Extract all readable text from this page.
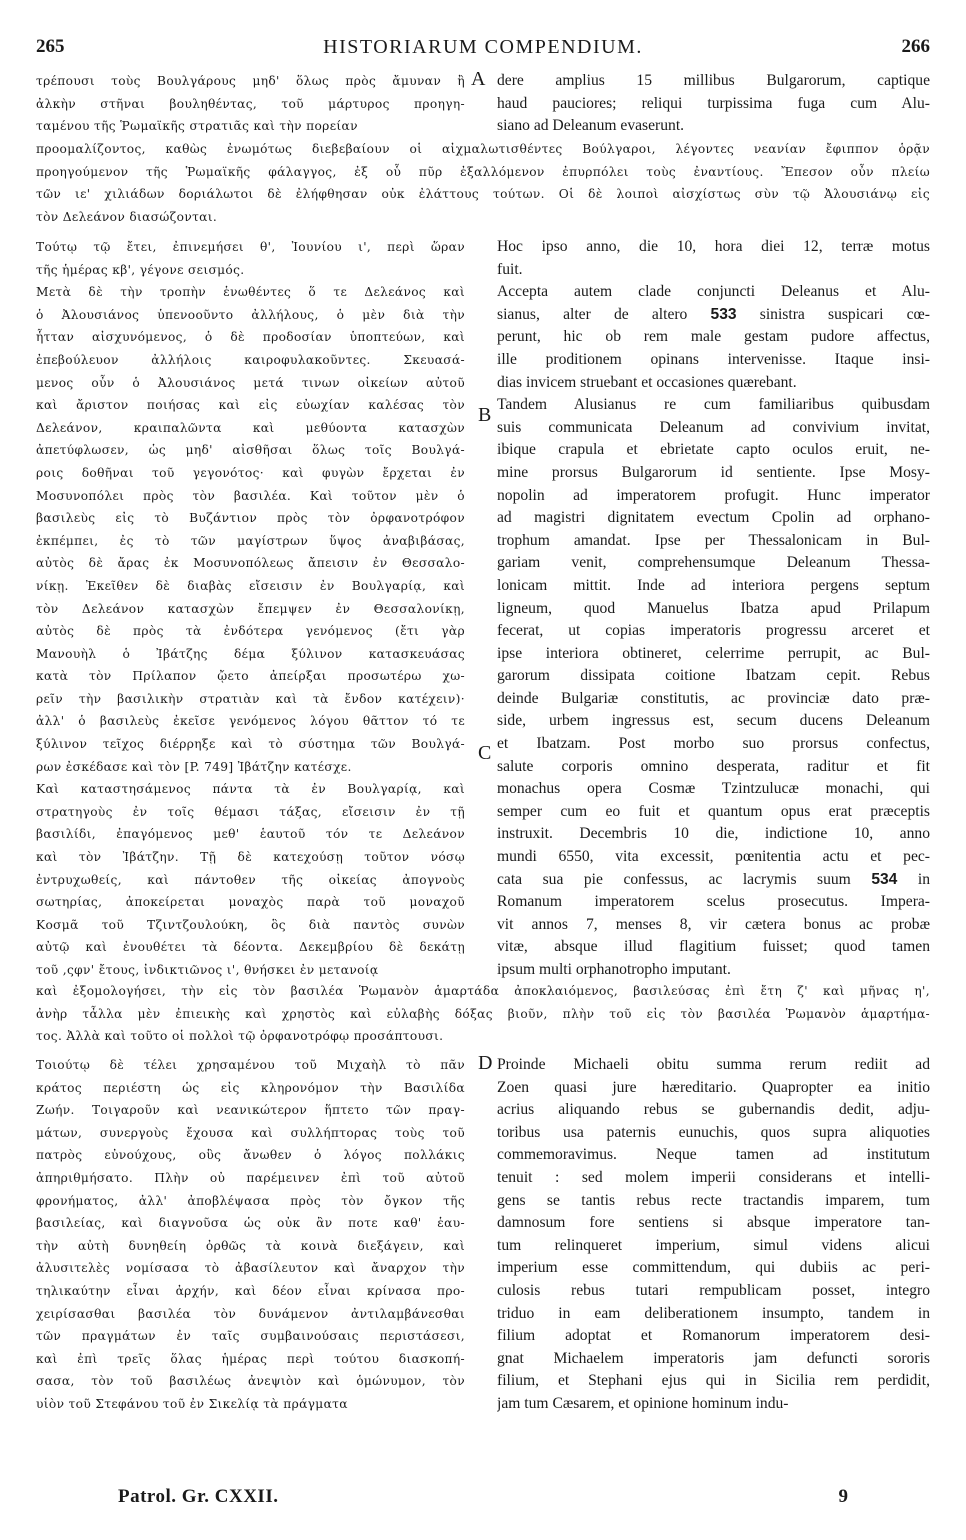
265	HISTORIARUM COMPENDIUM.	266
τρέπουσι τοὺς Βουλγάρους μηδ' ὅλως πρὸς ἄμυναν ἢ
ἀλκὴν στῆναι βουληθέντας, τοῦ μάρτυρος προηγη-
ταμένου τῆς Ῥωμαϊκῆς στρατιᾶς καὶ τὴν πορείαν
A dere amplius 15 millibus Bulgarorum, captique
haud pauciores; reliqui turpissima fuga cum Alu-
siano ad Deleanum evaserunt.
προομαλίζοντος, καθὼς ἐνωμότως διεβεβαίουν οἱ αἰχμαλωτισθέντες Βούλγαροι, λέγοντες νεανίαν ἔφιππον ὁρᾷν
προηγούμενον τῆς Ῥωμαϊκῆς φάλαγγος, ἐξ οὗ πῦρ ἐξαλλόμενον ἐπυρπόλει τοὺς ἐναντίους. Ἔπεσον οὖν πλείω
τῶν ιε' χιλιάδων δοριάλωτοι δὲ ἐλήφθησαν οὐκ ἐλάττους τούτων. Οἱ δὲ λοιποὶ αἰσχίστως σὺν τῷ Ἀλουσιάνῳ εἰς
τὸν Δελεάνον διασώζονται.
Τούτῳ τῷ ἔτει, ἐπινεμήσει θ', Ἰουνίου ι', περὶ ὥραν
τῆς ἡμέρας κβ', γέγονε σεισμός.
Μετὰ δὲ τὴν τροπὴν ἑνωθέντες ὅ τε Δελεάνος καὶ
ὁ Ἀλουσιάνος ὑπενοοῦντο ἀλλήλους, ὁ μὲν διὰ τὴν
ἧτταν αἰσχυνόμενος, ὁ δὲ προδοσίαν ὑποπτεύων, καὶ
ἐπεβούλευον ἀλλήλοις καιροφυλακοῦντες. Σκευασά-
μενος οὖν ὁ Ἀλουσιάνος μετά τινων οἰκείων αὐτοῦ
καὶ ἄριστον ποιήσας καὶ εἰς εὐωχίαν καλέσας τὸν
Δελεάνον, κραιπαλῶντα καὶ μεθύοντα κατασχὼν
ἀπετύφλωσεν, ὡς μηδ' αἰσθῆσαι ὅλως τοῖς Βουλγά-
ροις δοθῆναι τοῦ γεγονότος· καὶ φυγὼν ἔρχεται ἐν
Μοσυνοπόλει πρὸς τὸν βασιλέα. Καὶ τοῦτον μὲν ὁ
βασιλεὺς εἰς τὸ Βυζάντιον πρὸς τὸν ὀρφανοτρόφον
ἐκπέμπει, ἐς τὸ τῶν μαγίστρων ὕψος ἀναβιβάσας,
αὐτὸς δὲ ἄρας ἐκ Μοσυνοπόλεως ἄπεισιν ἐν Θεσσαλο-
νίκῃ. Ἐκεῖθεν δὲ διαβὰς εἴσεισιν ἐν Βουλγαρίᾳ, καὶ
τὸν Δελεάνον κατασχὼν ἔπεμψεν ἐν Θεσσαλονίκῃ,
αὐτὸς δὲ πρὸς τὰ ἐνδότερα γενόμενος (ἔτι γὰρ
Μανουὴλ ὁ Ἰβάτζης δέμα ξύλινον κατασκευάσας
κατὰ τὸν Πρίλαπον ᾤετο ἀπείρξαι προσωτέρω χω-
ρεῖν τὴν βασιλικὴν στρατιὰν καὶ τὰ ἔνδον κατέχειν)·
ἀλλ' ὁ βασιλεὺς ἐκεῖσε γενόμενος λόγου θᾶττον τό τε
ξύλινον τεῖχος διέρρηξε καὶ τὸ σύστημα τῶν Βουλγά-
ρων ἐσκέδασε καὶ τὸν [P. 749] Ἰβάτζην κατέσχε.
Καὶ καταστησάμενος πάντα τὰ ἐν Βουλγαρίᾳ, καὶ
στρατηγοὺς ἐν τοῖς θέμασι τάξας, εἴσεισιν ἐν τῇ
βασιλίδι, ἐπαγόμενος μεθ' ἑαυτοῦ τόν τε Δελεάνον
καὶ τὸν Ἰβάτζην. Τῇ δὲ κατεχούσῃ τοῦτον νόσῳ
ἐντρυχωθείς, καὶ πάντοθεν τῆς οἰκείας ἀπογνοὺς
σωτηρίας, ἀποκείρεται μοναχὸς παρὰ τοῦ μοναχοῦ
Κοσμᾶ τοῦ Τζιντζουλούκη, ὃς διὰ παντὸς συνὼν
αὐτῷ καὶ ἐνουθέτει τὰ δέοντα. Δεκεμβρίου δὲ δεκάτῃ
τοῦ ,ςφν' ἔτους, ἰνδικτιῶνος ι', θνήσκει ἐν μετανοίᾳ
B
C
Hoc ipso anno, die 10, hora diei 12, terræ motus
fuit.
Accepta autem clade conjuncti Deleanus et Alu-
sianus, alter de altero 533 sinistra suspicari cœ-
perunt, hic ob rem male gestam pudore affectus,
ille proditionem opinans intervenisse. Itaque insi-
dias invicem struebant et occasiones quærebant.
Tandem Alusianus re cum familiaribus quibusdam
suis communicata Deleanum ad convivium invitat,
ibique crapula et ebrietate capto oculos eruit, ne-
mine prorsus Bulgarorum id sentiente. Ipse Mosy-
nopolin ad imperatorem profugit. Hunc imperator
ad magistri dignitatem evectum Cpolin ad orphano-
trophum amandat. Ipse per Thessalonicam in Bul-
gariam venit, comprehensumque Deleanum Thessa-
lonicam mittit. Inde ad interiora pergens septum
ligneum, quod Manuelus Ibatza apud Prilapum
fecerat, ut copias imperatoris progressu arceret et
ipse interiora obtineret, celerrime perrupit, ac Bul-
garorum dissipata coitione Ibatzam cepit. Rebus
deinde Bulgariæ constitutis, ac provinciæ dato præ-
side, urbem ingressus est, secum ducens Deleanum
et Ibatzam. Post morbo suo prorsus confectus,
salute corporis omnino desperata, raditur et fit
monachus opera Cosmæ Tzintzulucæ monachi, qui
semper cum eo fuit et quantum opus erat præceptis
instruxit. Decembris 10 die, indictione 10, anno
mundi 6550, vita excessit, pœnitentia actu et pec-
cata sua pie confessus, ac lacrymis suum 534 in
Romanum imperatorem scelus prosecutus. Impera-
vit annos 7, menses 8, vir cætera bonus ac probæ
vitæ, absque illud flagitium fuisset; quod tamen
ipsum multi orphanotropho imputant.
καὶ ἐξομολογήσει, τὴν εἰς τὸν βασιλέα Ῥωμανὸν ἁμαρτάδα ἀποκλαιόμενος, βασιλεύσας ἐπὶ ἔτη ζ' καὶ μῆνας η',
ἀνὴρ τἆλλα μὲν ἐπιεικὴς καὶ χρηστὸς καὶ εὐλαβὴς δόξας βιοῦν, πλὴν τοῦ εἰς τὸν βασιλέα Ῥωμανὸν ἁμαρτήμα-
τος. Ἀλλὰ καὶ τοῦτο οἱ πολλοὶ τῷ ὀρφανοτρόφῳ προσάπτουσι.
Τοιούτῳ δὲ τέλει χρησαμένου τοῦ Μιχαὴλ τὸ πᾶν
κράτος περιέστη ὡς εἰς κληρονόμον τὴν Βασιλίδα
Ζωήν. Τοιγαροῦν καὶ νεανικώτερον ἥπτετο τῶν πραγ-
μάτων, συνεργοὺς ἔχουσα καὶ συλλήπτορας τοὺς τοῦ
πατρὸς εὐνούχους, οὓς ἄνωθεν ὁ λόγος πολλάκις
ἀπηριθμήσατο. Πλὴν οὐ παρέμεινεν ἐπὶ τοῦ αὐτοῦ
φρονήματος, ἀλλ' ἀποβλέψασα πρὸς τὸν ὄγκον τῆς
βασιλείας, καὶ διαγνοῦσα ὡς οὐκ ἂν ποτε καθ' ἑαυ-
τὴν αὐτὴ δυνηθείη ὀρθῶς τὰ κοινὰ διεξάγειν, καὶ
ἀλυσιτελὲς νομίσασα τὸ ἀβασίλευτον καὶ ἄναρχον τὴν
τηλικαύτην εἶναι ἀρχήν, καὶ δέον εἶναι κρίνασα προ-
χειρίσασθαι βασιλέα τὸν δυνάμενον ἀντιλαμβάνεσθαι
τῶν πραγμάτων ἐν ταῖς συμβαινούσαις περιστάσεσι,
καὶ ἐπὶ τρεῖς ὅλας ἡμέρας περὶ τούτου διασκοπή-
σασα, τὸν τοῦ βασιλέως ἀνεψιὸν καὶ ὁμώνυμον, τὸν
υἱὸν τοῦ Στεφάνου τοῦ ἐν Σικελίᾳ τὰ πράγματα
D Proinde Michaeli obitu summa rerum rediit ad
Zoen quasi jure hæreditario. Quapropter ea initio
acrius aliquando rebus se gubernandis dedit, adju-
toribus usa paternis eunuchis, quos supra aliquoties
commemoravimus. Neque tamen ad institutum
tenuit : sed molem imperii considerans et intelli-
gens se tantis rebus recte tractandis imparem, tum
damnosum fore sentiens si absque imperatore tan-
tum relinqueret imperium, simul videns alicui
imperium esse committendum, qui dubiis ac peri-
culosis rebus tutari rempublicam posset, integro
triduo in eam deliberationem insumpto, tandem in
filium adoptat et Romanorum imperatorem desi-
gnat Michaelem imperatoris jam defuncti sororis
filium, et Stephani ejus qui in Sicilia rem perdidit,
jam tum Cæsarem, et opinione hominum indu-
Patrol. Gr. CXXII.	9
